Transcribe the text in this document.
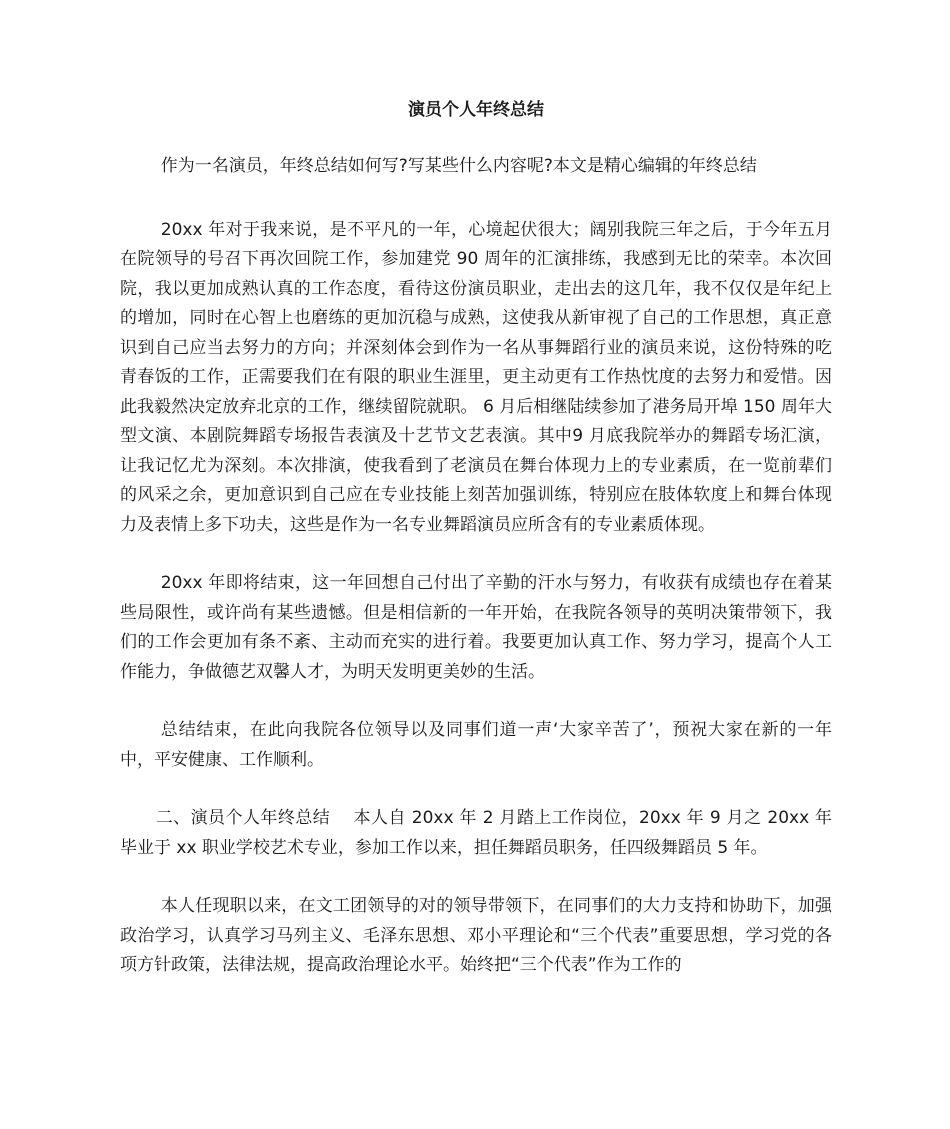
演员个人年终总结

作为一名演员，年终总结如何写?写某些什么内容呢?本文是精心编辑的年终总结

20xx 年对于我来说，是不平凡的一年，心境起伏很大；阔别我院三年之后，于今年五月在院领导的号召下再次回院工作，参加建党 90 周年的汇演排练，我感到无比的荣幸。本次回院，我以更加成熟认真的工作态度，看待这份演员职业，走出去的这几年，我不仅仅是年纪上的增加，同时在心智上也磨练的更加沉稳与成熟，这使我从新审视了自己的工作思想，真正意识到自己应当去努力的方向；并深刻体会到作为一名从事舞蹈行业的演员来说，这份特殊的吃青春饭的工作，正需要我们在有限的职业生涯里，更主动更有工作热忱度的去努力和爱惜。因此我毅然决定放弃北京的工作，继续留院就职。 6 月后相继陆续参加了港务局开埠 150 周年大型文演、本剧院舞蹈专场报告表演及十艺节文艺表演。其中9 月底我院举办的舞蹈专场汇演，让我记忆尤为深刻。本次排演，使我看到了老演员在舞台体现力上的专业素质，在一览前辈们的风采之余，更加意识到自己应在专业技能上刻苦加强训练，特别应在肢体软度上和舞台体现力及表情上多下功夫，这些是作为一名专业舞蹈演员应所含有的专业素质体现。

20xx 年即将结束，这一年回想自己付出了辛勤的汗水与努力，有收获有成绩也存在着某些局限性，或许尚有某些遗憾。但是相信新的一年开始，在我院各领导的英明决策带领下，我们的工作会更加有条不紊、主动而充实的进行着。我要更加认真工作、努力学习，提高个人工作能力，争做德艺双馨人才，为明天发明更美妙的生活。

总结结束，在此向我院各位领导以及同事们道一声‘大家辛苦了’，预祝大家在新的一年中，平安健康、工作顺利。

二、演员个人年终总结　 本人自 20xx 年 2 月踏上工作岗位，20xx 年 9 月之 20xx 年毕业于 xx 职业学校艺术专业，参加工作以来，担任舞蹈员职务，任四级舞蹈员 5 年。

本人任现职以来，在文工团领导的对的领导带领下，在同事们的大力支持和协助下，加强政治学习，认真学习马列主义、毛泽东思想、邓小平理论和“三个代表”重要思想，学习党的各项方针政策，法律法规，提高政治理论水平。始终把“三个代表”作为工作的
